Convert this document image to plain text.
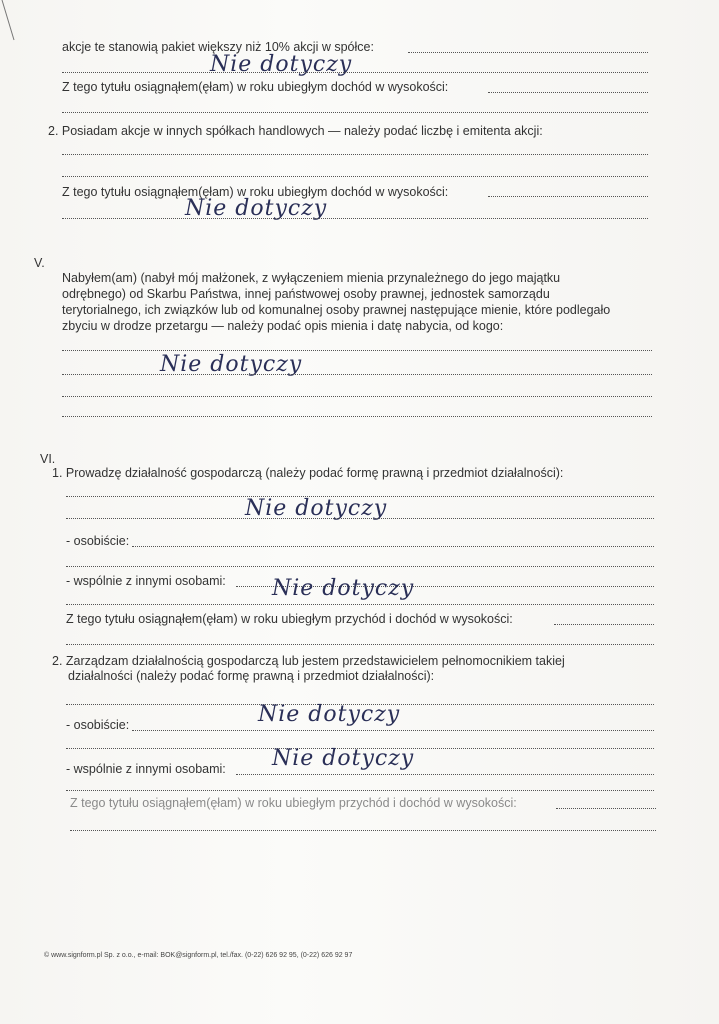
akcje te stanowią pakiet większy niż 10% akcji w spółce:
Nie dotyczy
Z tego tytułu osiągnąłem(ęłam) w roku ubiegłym dochód w wysokości:
2. Posiadam akcje w innych spółkach handlowych — należy podać liczbę i emitenta akcji:
Z tego tytułu osiągnąłem(ęłam) w roku ubiegłym dochód w wysokości:
Nie dotyczy
V.
Nabyłem(am) (nabył mój małżonek, z wyłączeniem mienia przynależnego do jego majątku odrębnego) od Skarbu Państwa, innej państwowej osoby prawnej, jednostek samorządu terytorialnego, ich związków lub od komunalnej osoby prawnej następujące mienie, które podlegało zbyciu w drodze przetargu — należy podać opis mienia i datę nabycia, od kogo:
Nie dotyczy
VI.
1. Prowadzę działalność gospodarczą (należy podać formę prawną i przedmiot działalności):
Nie dotyczy
- osobiście:
- wspólnie z innymi osobami: Nie dotyczy
Z tego tytułu osiągnąłem(ęłam) w roku ubiegłym przychód i dochód w wysokości:
2. Zarządzam działalnością gospodarczą lub jestem przedstawicielem pełnomocnikiem takiej
działalności (należy podać formę prawną i przedmiot działalności):
- osobiście:	Nie dotyczy
- wspólnie z innymi osobami: Nie dotyczy
Z tego tytułu osiągnąłem(ęłam) w roku ubiegłym przychód i dochód w wysokości:
© www.signform.pl Sp. z o.o., e-mail: BOK@signform.pl, tel./fax. (0-22) 626 92 95, (0-22) 626 92 97
